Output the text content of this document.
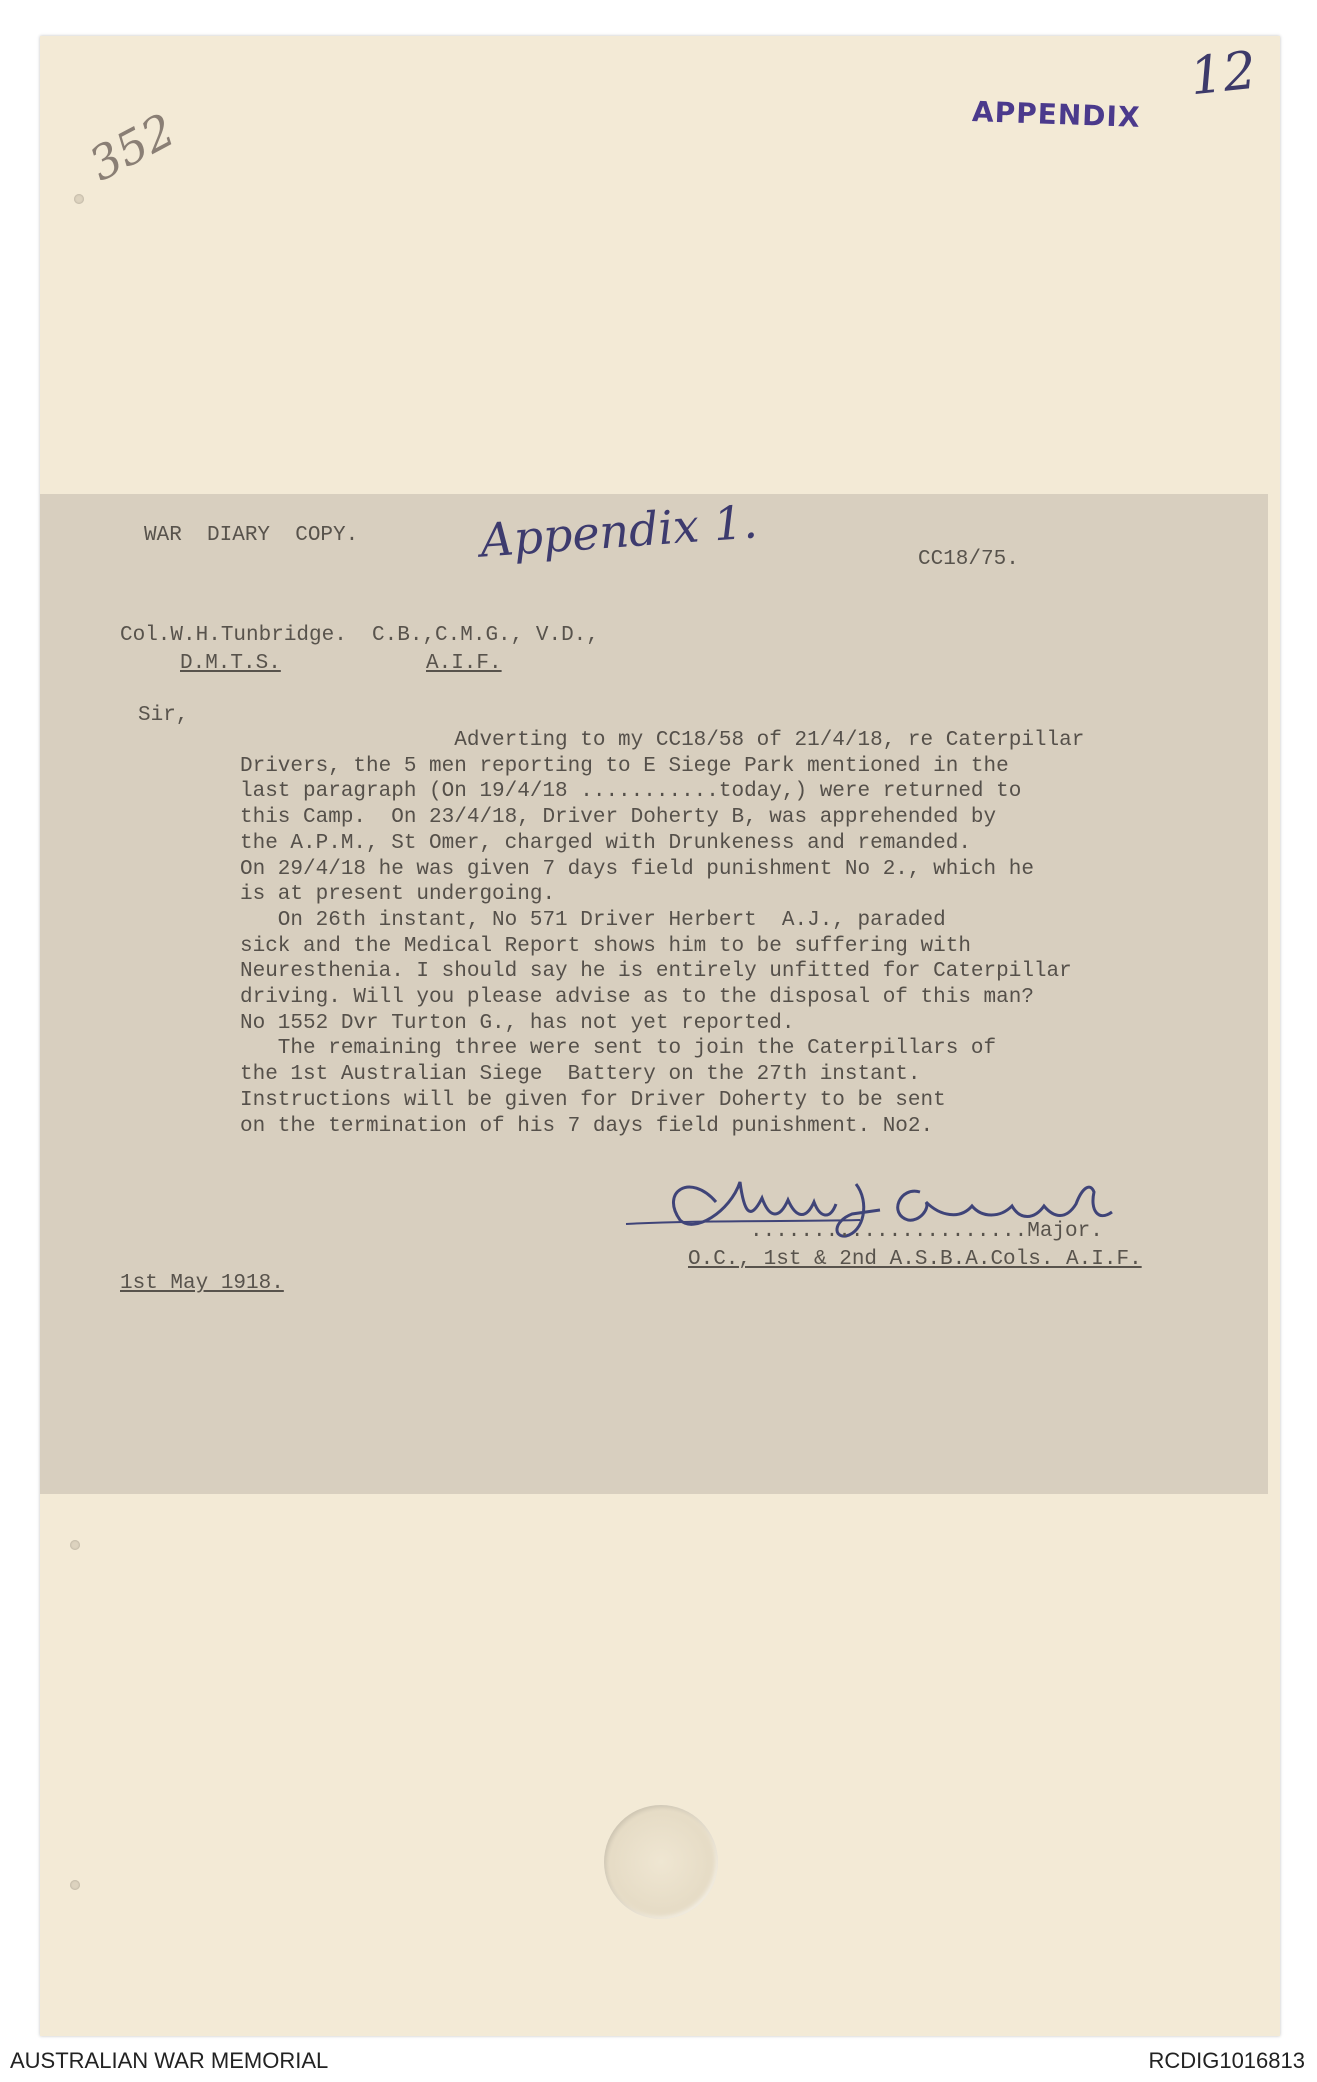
APPENDIX
12
352
WAR  DIARY  COPY.	Appendix 1.	CC18/75.
Col.W.H.Tunbridge.  C.B.,C.M.G., V.D.,
D.M.T.S.	A.I.F.
Sir,
Adverting to my CC18/58 of 21/4/18, re Caterpillar
Drivers, the 5 men reporting to E Siege Park mentioned in the
last paragraph (On 19/4/18 ...........today,) were returned to
this Camp.  On 23/4/18, Driver Doherty B, was apprehended by
the A.P.M., St Omer, charged with Drunkeness and remanded.
On 29/4/18 he was given 7 days field punishment No 2., which he
is at present undergoing.
On 26th instant, No 571 Driver Herbert  A.J., paraded
sick and the Medical Report shows him to be suffering with
Neuresthenia. I should say he is entirely unfitted for Caterpillar
driving. Will you please advise as to the disposal of this man?
No 1552 Dvr Turton G., has not yet reported.
The remaining three were sent to join the Caterpillars of
the 1st Australian Siege  Battery on the 27th instant.
Instructions will be given for Driver Doherty to be sent
on the termination of his 7 days field punishment. No2.
......................Major.
O.C., 1st & 2nd A.S.B.A.Cols. A.I.F.
1st May 1918.
AUSTRALIAN WAR MEMORIAL	RCDIG1016813
